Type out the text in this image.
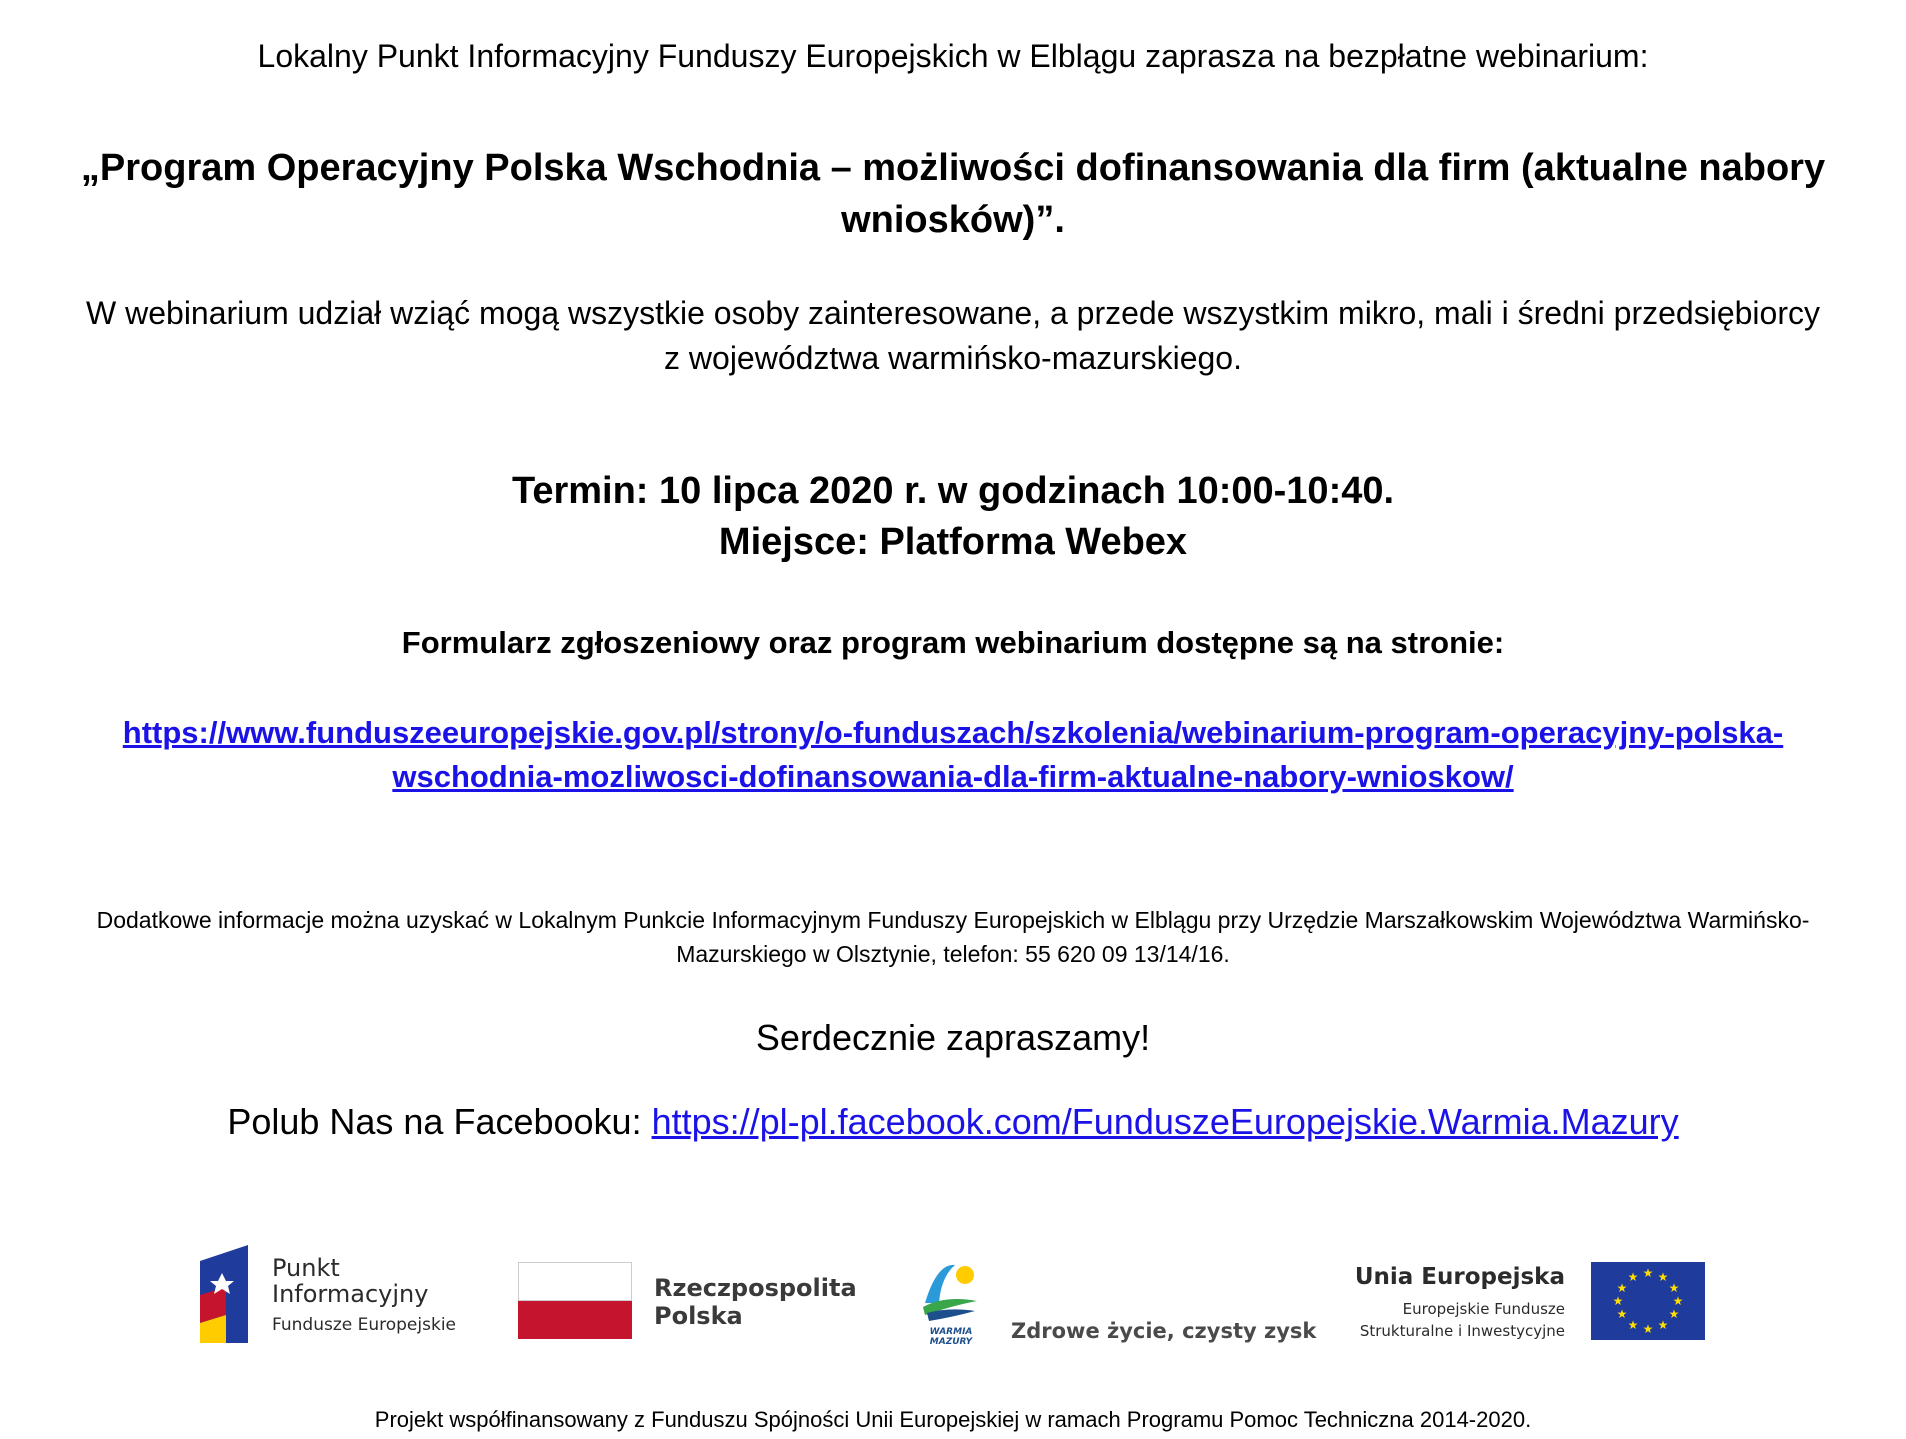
Lokalny Punkt Informacyjny Funduszy Europejskich w Elblągu zaprasza na bezpłatne webinarium:
„Program Operacyjny Polska Wschodnia – możliwości dofinansowania dla firm (aktualne nabory
wniosków)”.
W webinarium udział wziąć mogą wszystkie osoby zainteresowane, a przede wszystkim mikro, mali i średni przedsiębiorcy
z województwa warmińsko-mazurskiego.
Termin: 10 lipca 2020 r. w godzinach 10:00-10:40.
Miejsce: Platforma Webex
Formularz zgłoszeniowy oraz program webinarium dostępne są na stronie:
https://www.funduszeeuropejskie.gov.pl/strony/o-funduszach/szkolenia/webinarium-program-operacyjny-polska-
wschodnia-mozliwosci-dofinansowania-dla-firm-aktualne-nabory-wnioskow/
Dodatkowe informacje można uzyskać w Lokalnym Punkcie Informacyjnym Funduszy Europejskich w Elblągu przy Urzędzie Marszałkowskim Województwa Warmińsko-
Mazurskiego w Olsztynie, telefon: 55 620 09 13/14/16.
Serdecznie zapraszamy!
Polub Nas na Facebooku: https://pl-pl.facebook.com/FunduszeEuropejskie.Warmia.Mazury
Punkt
Informacyjny
Fundusze Europejskie
Rzeczpospolita
Polska
WARMIA MAZURY	Zdrowe życie, czysty zysk
Unia Europejska
Europejskie Fundusze
Strukturalne i Inwestycyjne
★ ★
★
★
★
★
★
★
★
★
★
★
Projekt współfinansowany z Funduszu Spójności Unii Europejskiej w ramach Programu Pomoc Techniczna 2014-2020.
